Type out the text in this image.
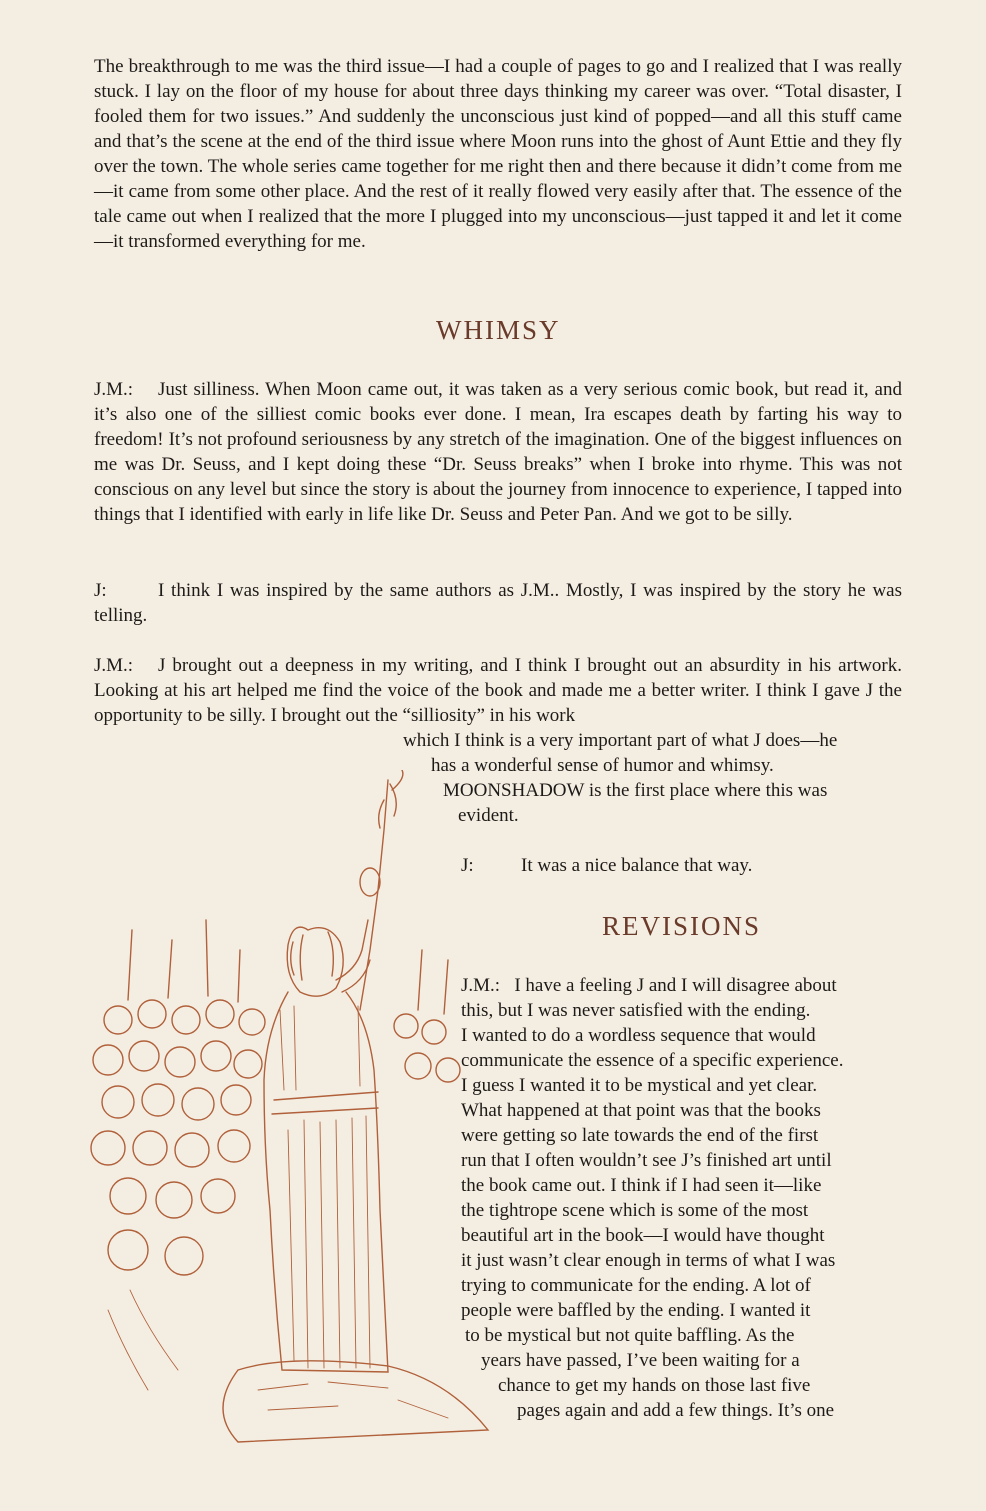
The breakthrough to me was the third issue—I had a couple of pages to go and I realized that I was really stuck. I lay on the floor of my house for about three days thinking my career was over. “Total disaster, I fooled them for two issues.” And suddenly the unconscious just kind of popped—and all this stuff came and that’s the scene at the end of the third issue where Moon runs into the ghost of Aunt Ettie and they fly over the town. The whole series came together for me right then and there because it didn’t come from me—it came from some other place. And the rest of it really flowed very easily after that. The essence of the tale came out when I realized that the more I plugged into my unconscious—just tapped it and let it come—it transformed everything for me.

WHIMSY

J.M.: Just silliness. When Moon came out, it was taken as a very serious comic book, but read it, and it’s also one of the silliest comic books ever done. I mean, Ira escapes death by farting his way to freedom! It’s not profound seriousness by any stretch of the imagination. One of the biggest influences on me was Dr. Seuss, and I kept doing these “Dr. Seuss breaks” when I broke into rhyme. This was not conscious on any level but since the story is about the journey from innocence to experience, I tapped into things that I identified with early in life like Dr. Seuss and Peter Pan. And we got to be silly.

J:	I think I was inspired by the same authors as J.M.. Mostly, I was inspired by the story he was telling.

J.M.: J brought out a deepness in my writing, and I think I brought out an absurdity in his artwork. Looking at his art helped me find the voice of the book and made me a better writer. I think I gave J the opportunity to be silly. I brought out the “silliosity” in his work

which I think is a very important part of what J does—he

has a wonderful sense of humor and whimsy.

MOONSHADOW is the first place where this was

evident.

J: It was a nice balance that way.

REVISIONS

J.M.:   I have a feeling J and I will disagree about

this, but I was never satisfied with the ending.

I wanted to do a wordless sequence that would

communicate the essence of a specific experience.

I guess I wanted it to be mystical and yet clear.

What happened at that point was that the books

were getting so late towards the end of the first

run that I often wouldn’t see J’s finished art until

the book came out. I think if I had seen it—like

the tightrope scene which is some of the most

beautiful art in the book—I would have thought

it just wasn’t clear enough in terms of what I was

trying to communicate for the ending. A lot of

people were baffled by the ending. I wanted it

to be mystical but not quite baffling. As the

years have passed, I’ve been waiting for a

chance to get my hands on those last five

pages again and add a few things. It’s one
